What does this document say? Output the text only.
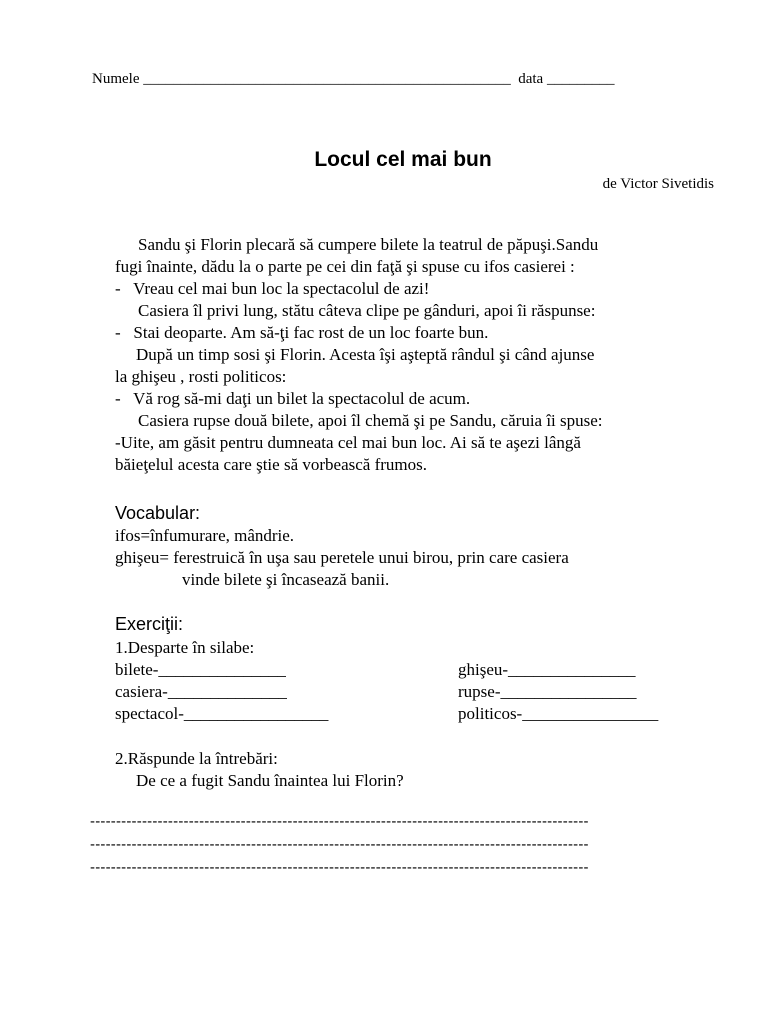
Numele _________________________________________________  data _________
Locul cel mai bun
de Victor Sivetidis
Sandu şi Florin plecară să cumpere bilete la teatrul de păpuşi.Sandu
fugi înainte, dădu la o parte pe cei din faţă şi spuse cu ifos casierei :
-   Vreau cel mai bun loc la spectacolul de azi!
Casiera îl privi lung, stătu câteva clipe pe gânduri, apoi îi răspunse:
-   Stai deoparte. Am să-ţi fac rost de un loc foarte bun.
După un timp sosi şi Florin. Acesta îşi aşteptă rândul şi când ajunse
la ghişeu , rosti politicos:
-   Vă rog să-mi daţi un bilet la spectacolul de acum.
Casiera rupse două bilete, apoi îl chemă şi pe Sandu, căruia îi spuse:
-Uite, am găsit pentru dumneata cel mai bun loc. Ai să te aşezi lângă
băieţelul acesta care ştie să vorbească frumos.
Vocabular:
ifos=înfumurare, mândrie.
ghişeu= ferestruică în uşa sau peretele unui birou, prin care casiera
vinde bilete şi încasează banii.
Exerciţii:
1.Desparte în silabe:
bilete-_______________
casiera-______________
spectacol-_________________
ghişeu-_______________
rupse-________________
politicos-________________
2.Răspunde la întrebări:
De ce a fugit Sandu înaintea lui Florin?
------------------------------------------------------------------------------------------------
------------------------------------------------------------------------------------------------
------------------------------------------------------------------------------------------------
